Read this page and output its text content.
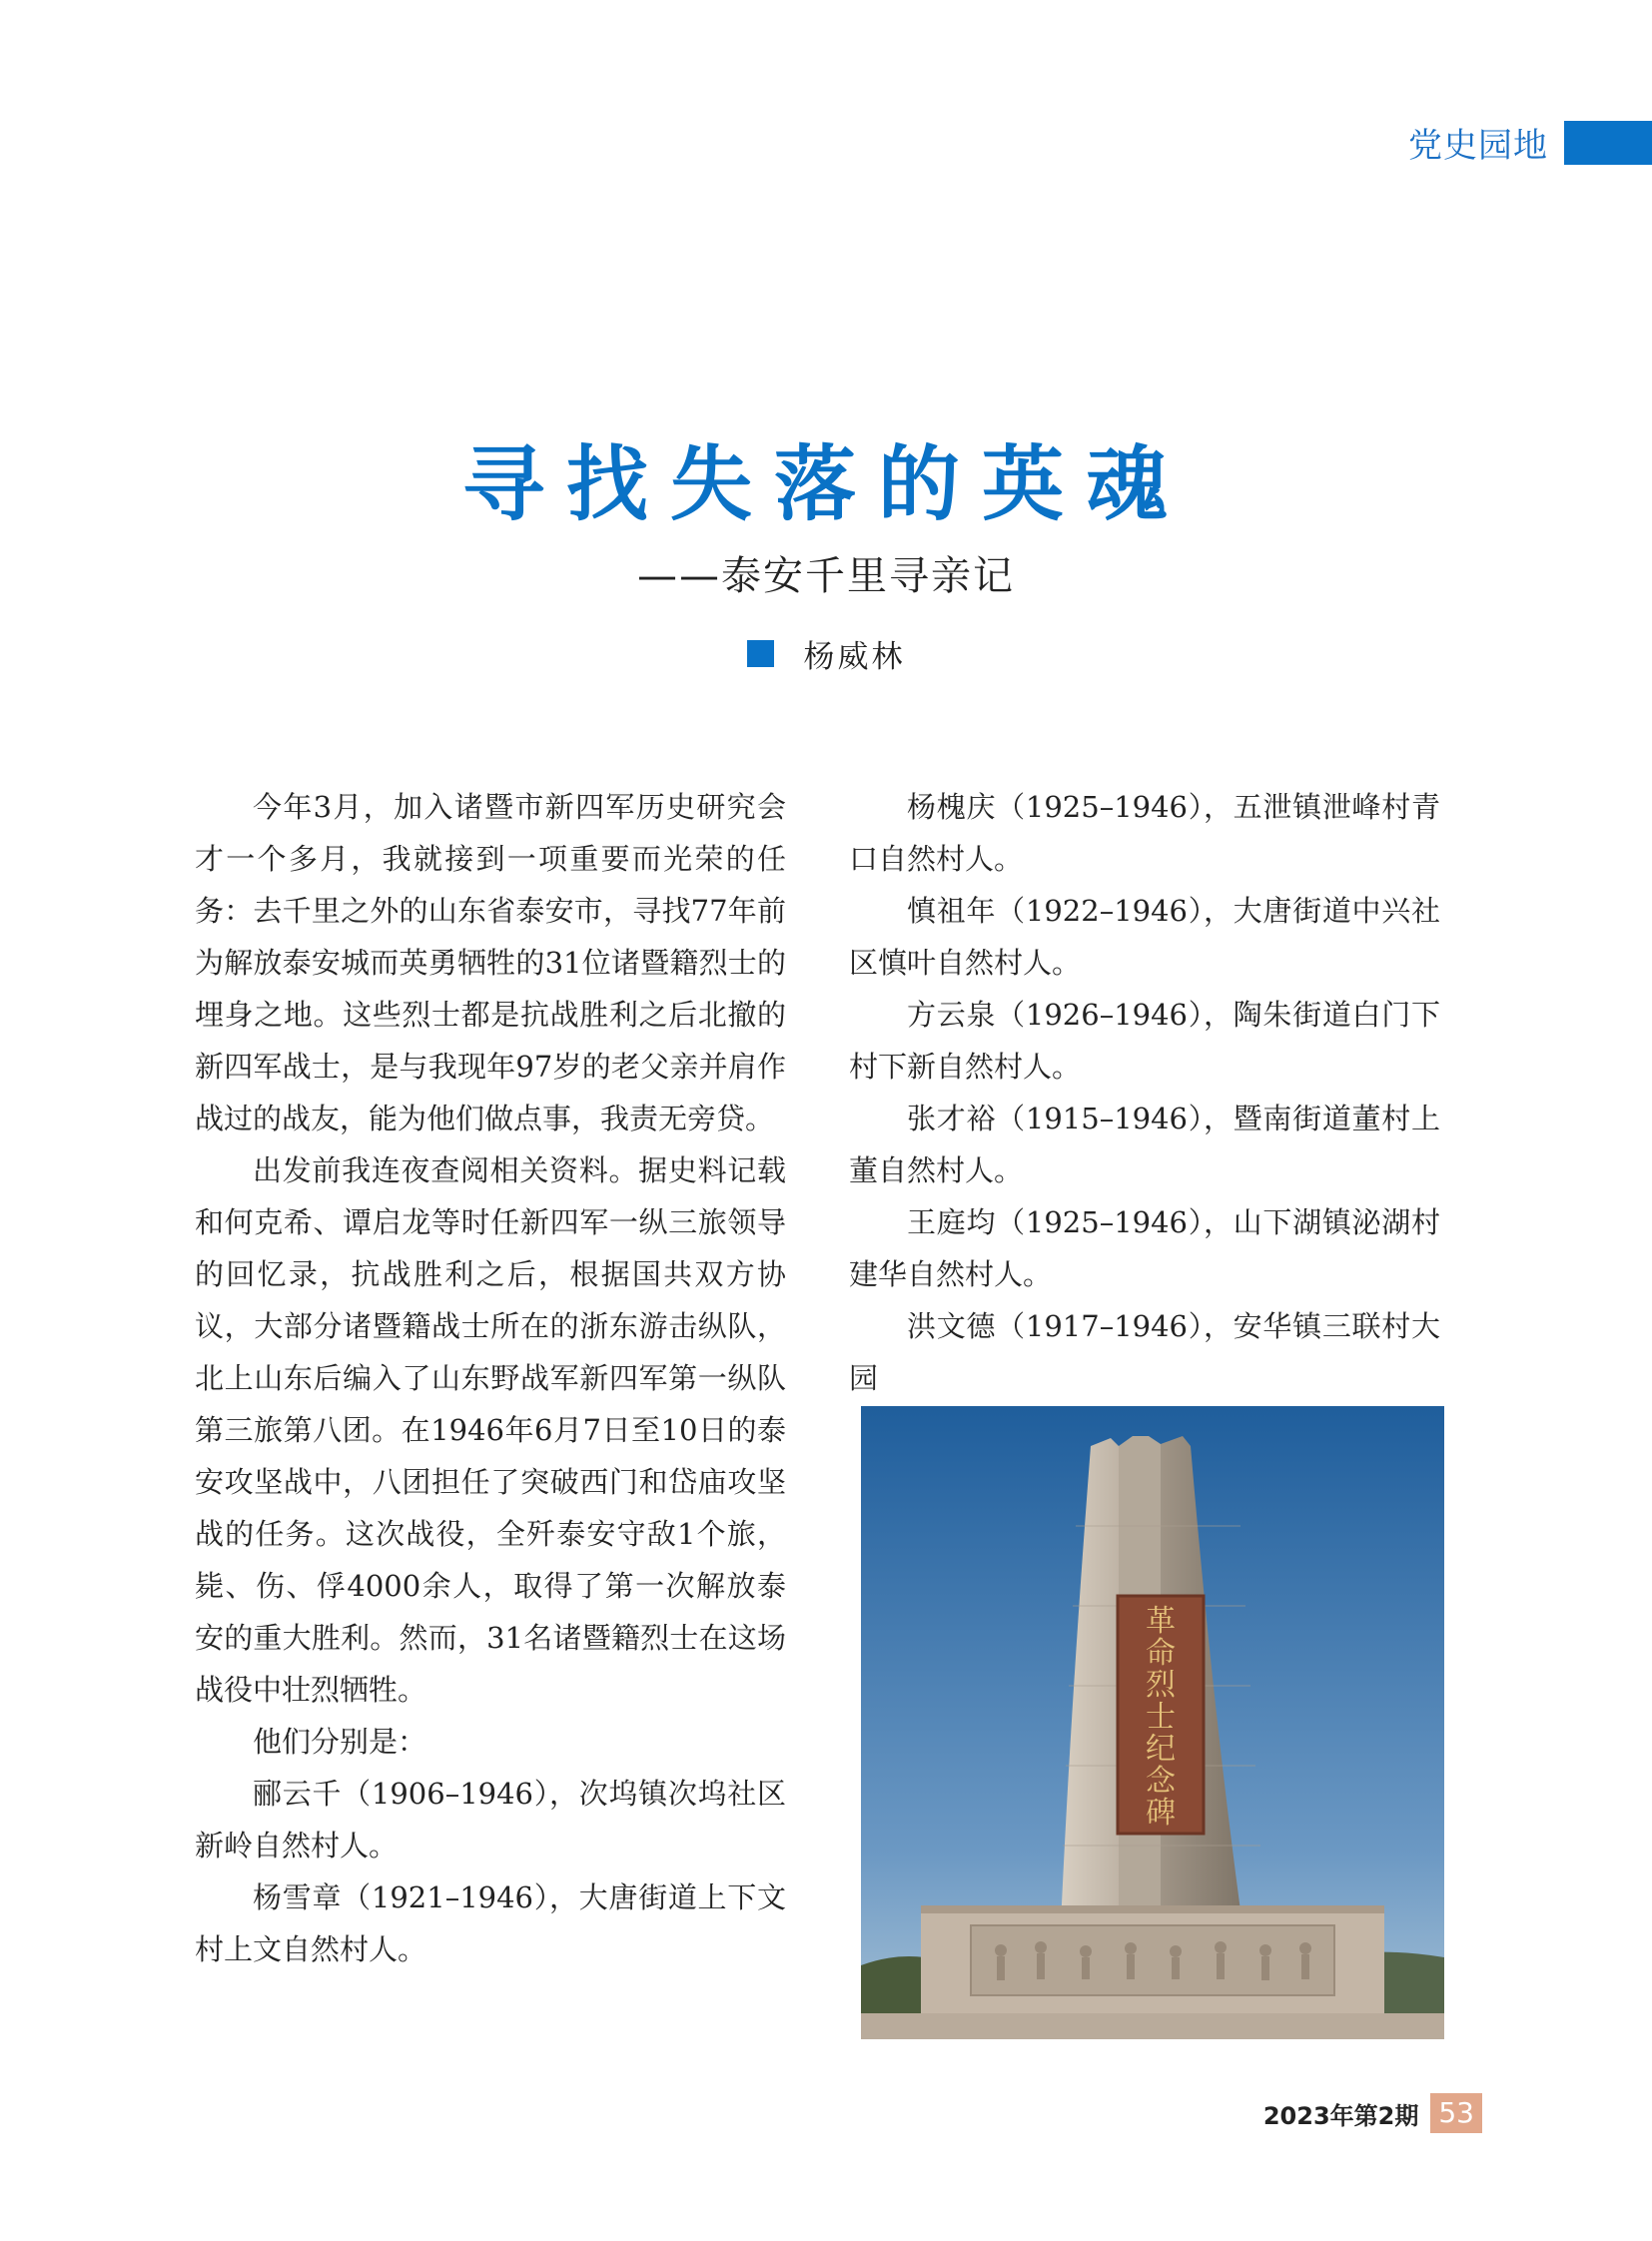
党史园地
寻找失落的英魂
——泰安千里寻亲记
杨威林

今年3月，加入诸暨市新四军历史研究会才一个多月，我就接到一项重要而光荣的任务：去千里之外的山东省泰安市，寻找77年前为解放泰安城而英勇牺牲的31位诸暨籍烈士的埋身之地。这些烈士都是抗战胜利之后北撤的新四军战士，是与我现年97岁的老父亲并肩作战过的战友，能为他们做点事，我责无旁贷。

出发前我连夜查阅相关资料。据史料记载和何克希、谭启龙等时任新四军一纵三旅领导的回忆录，抗战胜利之后，根据国共双方协议，大部分诸暨籍战士所在的浙东游击纵队，北上山东后编入了山东野战军新四军第一纵队第三旅第八团。在1946年6月7日至10日的泰安攻坚战中，八团担任了突破西门和岱庙攻坚战的任务。这次战役，全歼泰安守敌1个旅，毙、伤、俘4000余人，取得了第一次解放泰安的重大胜利。然而，31名诸暨籍烈士在这场战役中壮烈牺牲。

他们分别是：

郦云千（1906–1946），次坞镇次坞社区新岭自然村人。

杨雪章（1921–1946），大唐街道上下文村上文自然村人。

杨槐庆（1925–1946），五泄镇泄峰村青口自然村人。

慎祖年（1922–1946），大唐街道中兴社区慎叶自然村人。

方云泉（1926–1946），陶朱街道白门下村下新自然村人。

张才裕（1915–1946），暨南街道董村上董自然村人。

王庭均（1925–1946），山下湖镇泌湖村建华自然村人。

洪文德（1917–1946），安华镇三联村大园

革命烈士纪念碑
2023年第2期 53
